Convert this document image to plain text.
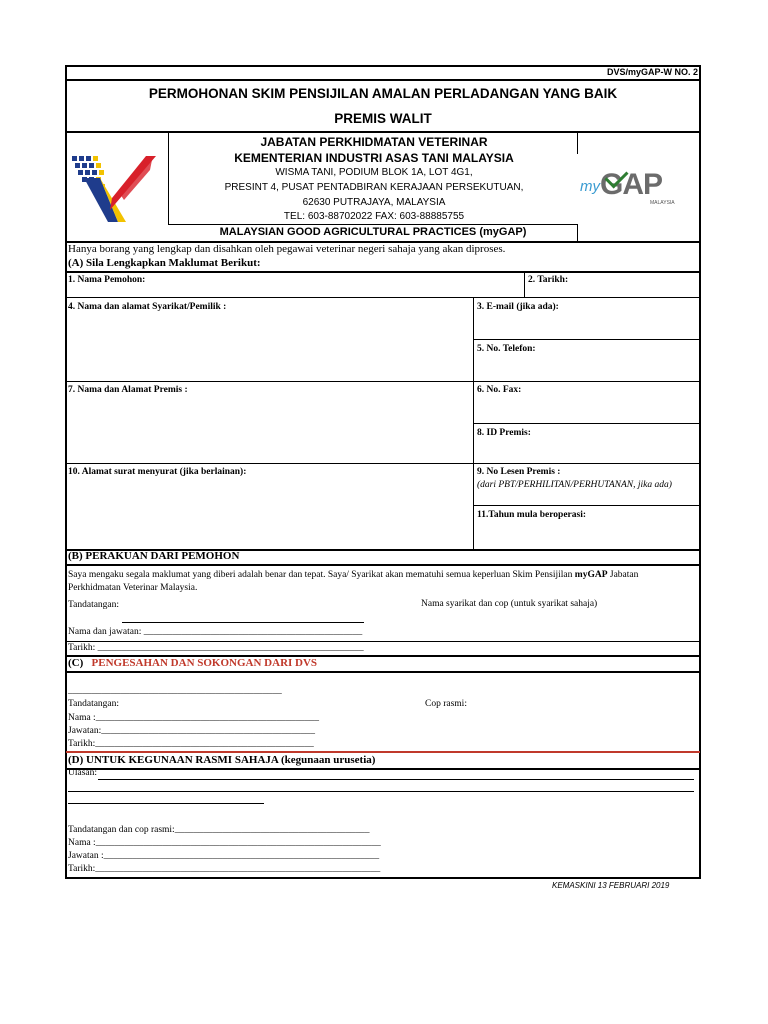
DVS/myGAP-W NO. 2
PERMOHONAN SKIM PENSIJILAN AMALAN PERLADANGAN YANG BAIK
PREMIS WALIT
JABATAN PERKHIDMATAN VETERINAR
KEMENTERIAN INDUSTRI ASAS TANI MALAYSIA
WISMA TANI, PODIUM BLOK 1A, LOT 4G1,
PRESINT 4, PUSAT PENTADBIRAN KERAJAAN PERSEKUTUAN,
62630 PUTRAJAYA, MALAYSIA
TEL: 603-88702022 FAX: 603-88885755
my GAP
MALAYSIA
MALAYSIAN GOOD AGRICULTURAL PRACTICES (myGAP)
Hanya borang yang lengkap dan disahkan oleh pegawai veterinar negeri sahaja yang akan diproses.
(A) Sila Lengkapkan Maklumat Berikut:
1. Nama Pemohon:	2. Tarikh:
4. Nama dan alamat Syarikat/Pemilik :	3. E-mail (jika ada):
5. No. Telefon:
7. Nama dan Alamat Premis :	6. No. Fax:
8. ID Premis:
10. Alamat surat menyurat (jika berlainan):	9. No Lesen Premis :
(dari PBT/PERHILITAN/PERHUTANAN, jika ada)
11.Tahun mula beroperasi:
(B) PERAKUAN DARI PEMOHON
Saya mengaku segala maklumat yang diberi adalah benar dan tepat. Saya/ Syarikat akan mematuhi semua keperluan Skim Pensijilan myGAP Jabatan
Perkhidmatan Veterinar Malaysia.
Tandatangan:	Nama syarikat dan cop (untuk syarikat sahaja)
Nama dan jawatan: ______________________________________________
Tarikh: ________________________________________________________
(C) PENGESAHAN DAN SOKONGAN DARI DVS
_____________________________________________
Tandatangan:	Cop rasmi:
Nama :_______________________________________________
Jawatan:_____________________________________________
Tarikh:______________________________________________
(D) UNTUK KEGUNAAN RASMI SAHAJA (kegunaan urusetia)
Ulasan:
Tandatangan dan cop rasmi:_________________________________________
Nama :____________________________________________________________
Jawatan :__________________________________________________________
Tarikh:____________________________________________________________
KEMASKINI 13 FEBRUARI 2019
